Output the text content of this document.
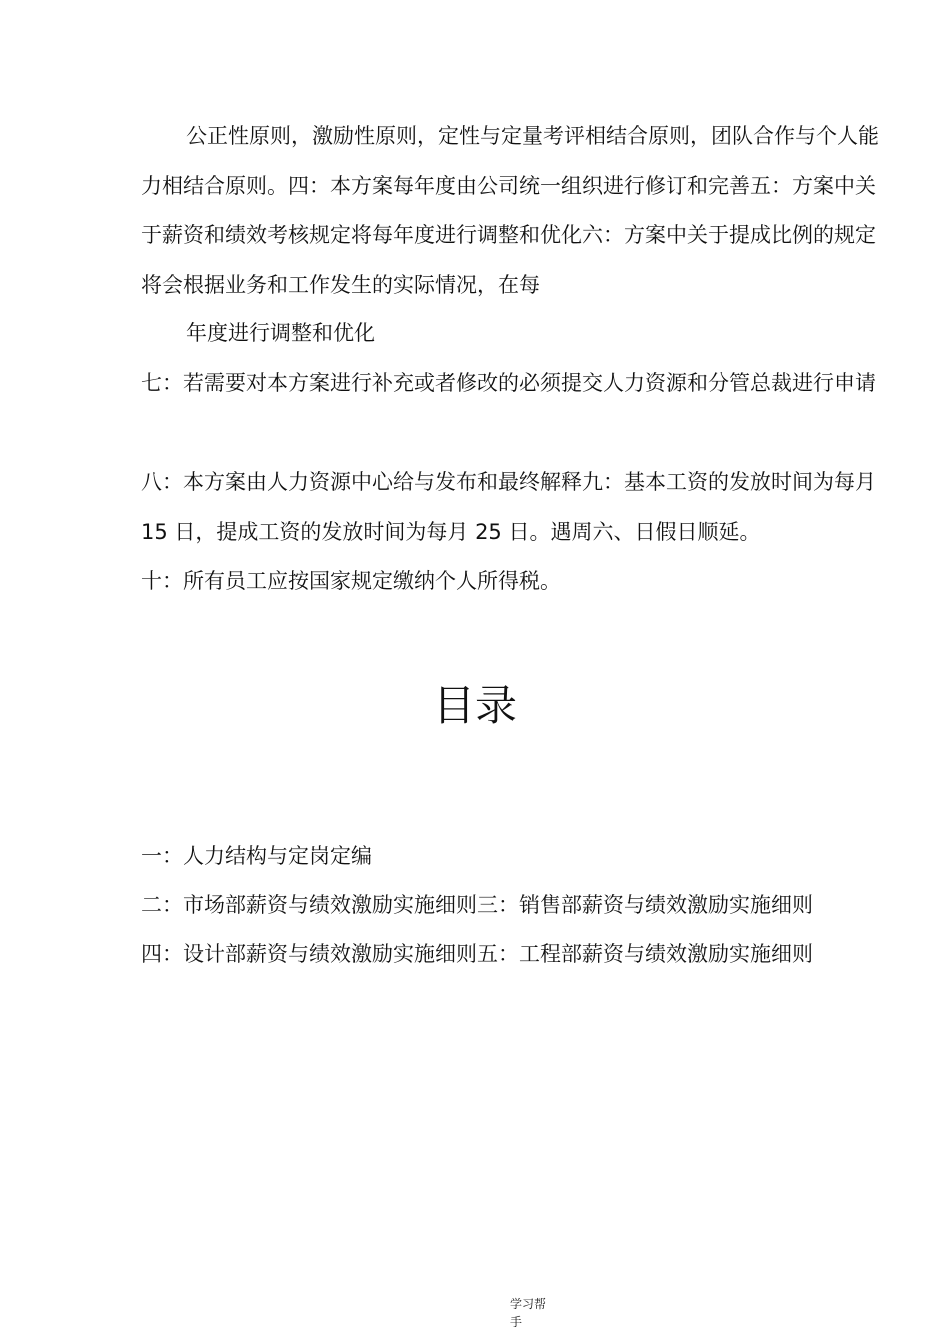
公正性原则，激励性原则，定性与定量考评相结合原则，团队合作与个人能力相结合原则。四：本方案每年度由公司统一组织进行修订和完善五：方案中关于薪资和绩效考核规定将每年度进行调整和优化六：方案中关于提成比例的规定将会根据业务和工作发生的实际情况，在每

年度进行调整和优化

七：若需要对本方案进行补充或者修改的必须提交人力资源和分管总裁进行申请

八：本方案由人力资源中心给与发布和最终解释九：基本工资的发放时间为每月 15 日，提成工资的发放时间为每月 25 日。遇周六、日假日顺延。

十：所有员工应按国家规定缴纳个人所得税。

目录

一：人力结构与定岗定编

二：市场部薪资与绩效激励实施细则三：销售部薪资与绩效激励实施细则

四：设计部薪资与绩效激励实施细则五：工程部薪资与绩效激励实施细则

学习帮
手
